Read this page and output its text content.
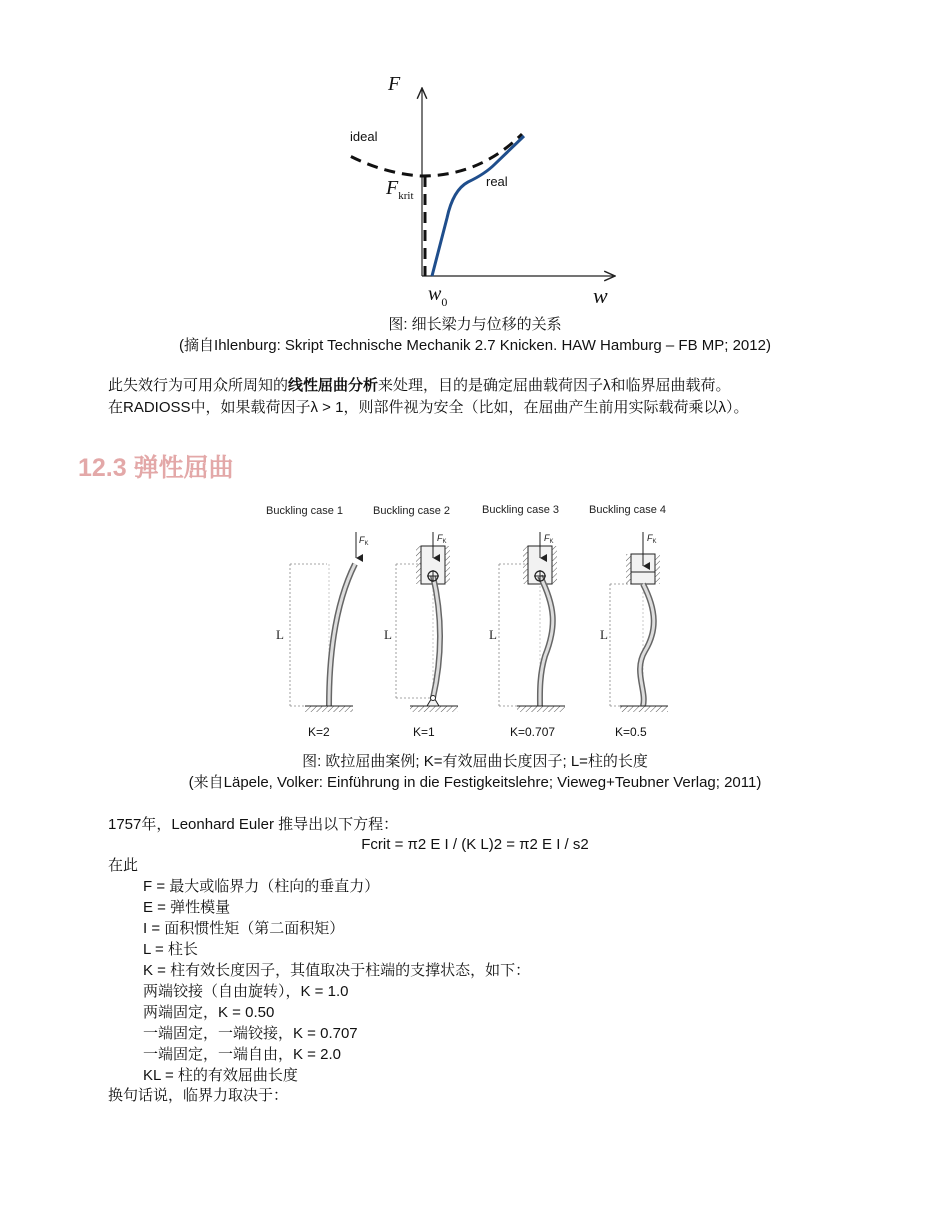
F
w
$w_0$
$F_{krit}$
ideal
real
图: 细长梁力与位移的关系
(摘自Ihlenburg: Skript Technische Mechanik 2.7 Knicken. HAW Hamburg – FB MP; 2012)
此失效行为可用众所周知的线性屈曲分析来处理，目的是确定屈曲载荷因子λ和临界屈曲载荷。
在RADIOSS中，如果载荷因子λ > 1，则部件视为安全（比如，在屈曲产生前用实际载荷乘以λ）。
12.3 弹性屈曲
Buckling case 1	Buckling case 2	Buckling case 3	Buckling case 4
$F_K$
L
K=2
$F_K$
L
K=1
$F_K$
L
K=0.707
$F_K$
L
K=0.5
图: 欧拉屈曲案例; K=有效屈曲长度因子; L=柱的长度
(来自Läpele, Volker: Einführung in die Festigkeitslehre; Vieweg+Teubner Verlag; 2011)
1757年，Leonhard Euler 推导出以下方程：
Fcrit = π2 E I / (K L)2 = π2 E I / s2
在此
F = 最大或临界力（柱向的垂直力）
E = 弹性模量
I = 面积惯性矩（第二面积矩）
L = 柱长
K = 柱有效长度因子，其值取决于柱端的支撑状态，如下：
两端铰接（自由旋转），K = 1.0
两端固定，K = 0.50
一端固定，一端铰接，K = 0.707
一端固定，一端自由，K = 2.0
KL = 柱的有效屈曲长度
换句话说，临界力取决于：
